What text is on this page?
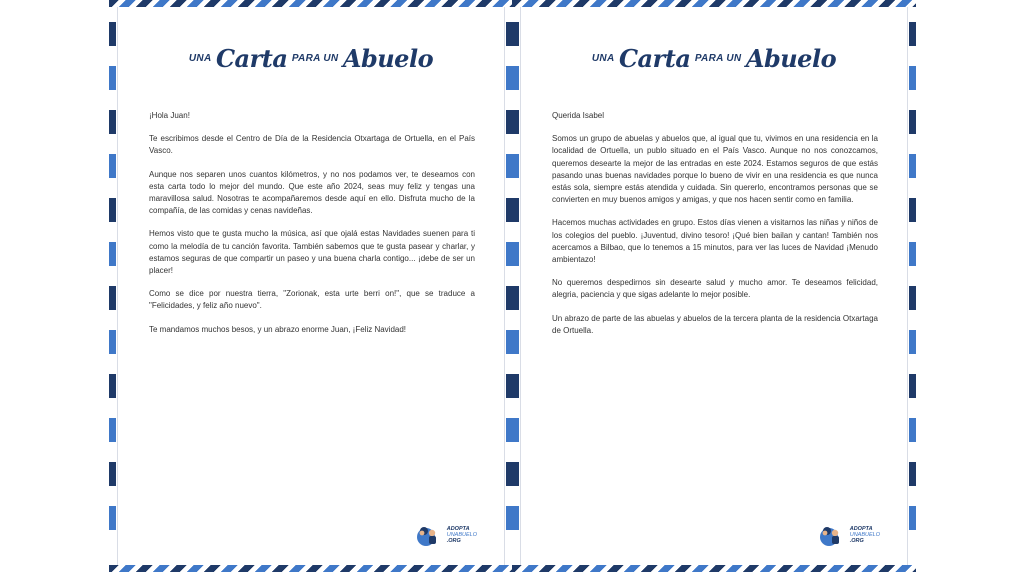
UNA Carta PARA UN Abuelo

¡Hola Juan!

Te escribimos desde el Centro de Día de la Residencia Otxartaga de Ortuella, en el País Vasco.

Aunque nos separen unos cuantos kilómetros, y no nos podamos ver, te deseamos con esta carta todo lo mejor del mundo. Que este año 2024, seas muy feliz y tengas una maravillosa salud. Nosotras te acompañaremos desde aquí en ello. Disfruta mucho de la compañía, de las comidas y cenas navideñas.

Hemos visto que te gusta mucho la música, así que ojalá estas Navidades suenen para ti como la melodía de tu canción favorita. También sabemos que te gusta pasear y charlar, y estamos seguras de que compartir un paseo y una buena charla contigo... ¡debe de ser un placer!

Como se dice por nuestra tierra, "Zorionak, esta urte berri on!", que se traduce a "Felicidades, y feliz año nuevo".

Te mandamos muchos besos, y un abrazo enorme Juan, ¡Feliz Navidad!

ADOPTA
UNABUELO
.ORG
UNA Carta PARA UN Abuelo

Querida Isabel

Somos un grupo de abuelas y abuelos que, al igual que tu, vivimos en una residencia en la localidad de Ortuella, un publo situado en el País Vasco. Aunque no nos conozcamos, queremos desearte la mejor de las entradas en este 2024. Estamos seguros de que estás pasando unas buenas navidades porque lo bueno de vivir en una residencia es que nunca estás sola, siempre estás atendida y cuidada. Sin quererlo, encontramos personas que se convierten en muy buenos amigos y amigas, y que nos hacen sentir como en familia.

Hacemos muchas actividades en grupo. Estos días vienen a visitarnos las niñas y niños de los colegios del pueblo. ¡Juventud, divino tesoro! ¡Qué bien bailan y cantan! También nos acercamos a Bilbao, que lo tenemos a 15 minutos, para ver las luces de Navidad ¡Menudo ambientazo!

No queremos despedirnos sin desearte salud y mucho amor. Te deseamos felicidad, alegria, paciencia y que sigas adelante lo mejor posible.

Un abrazo de parte de las abuelas y abuelos de la tercera planta de la residencia Otxartaga de Ortuella.

ADOPTA
UNABUELO
.ORG
